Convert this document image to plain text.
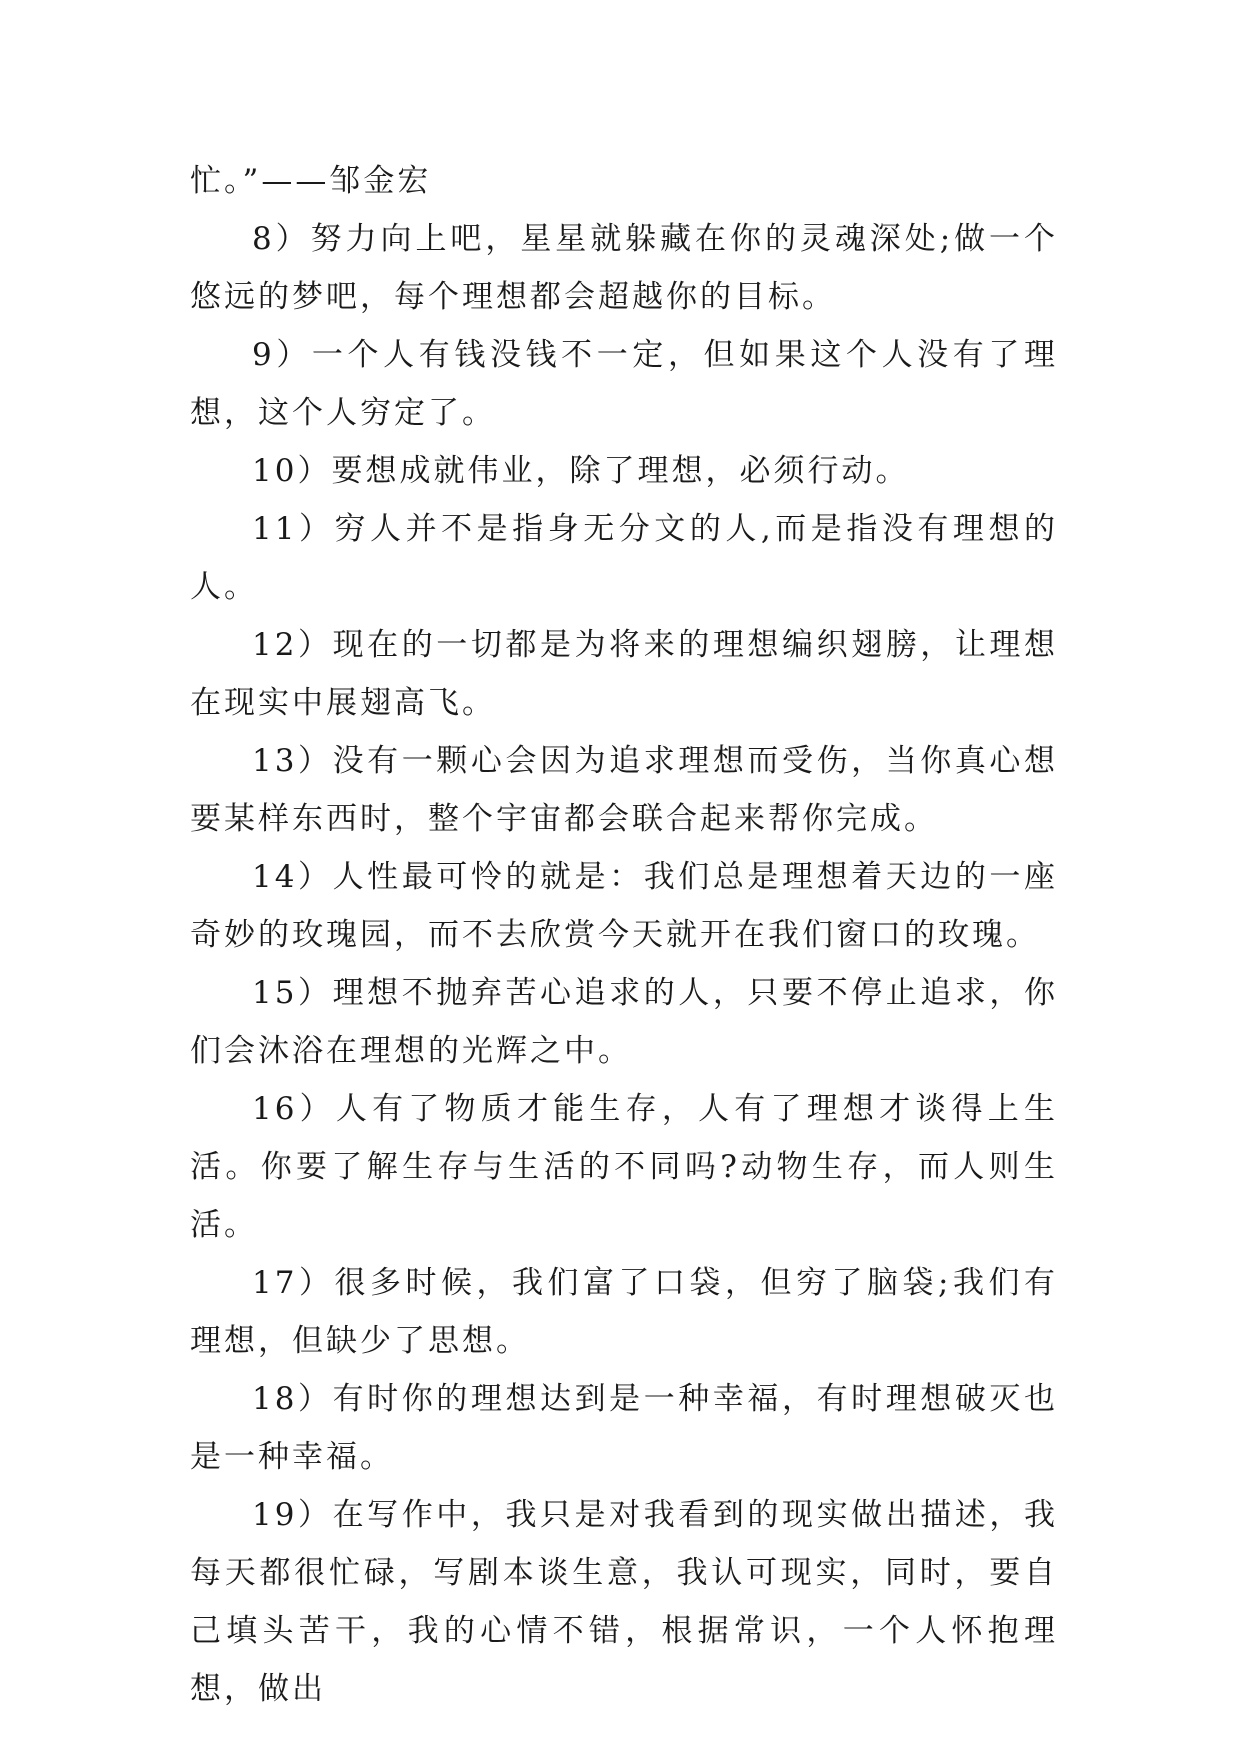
忙。”——邹金宏

8）努力向上吧，星星就躲藏在你的灵魂深处;做一个悠远的梦吧，每个理想都会超越你的目标。

9）一个人有钱没钱不一定，但如果这个人没有了理想，这个人穷定了。

10）要想成就伟业，除了理想，必须行动。

11）穷人并不是指身无分文的人,而是指没有理想的人。

12）现在的一切都是为将来的理想编织翅膀，让理想在现实中展翅高飞。

13）没有一颗心会因为追求理想而受伤，当你真心想要某样东西时，整个宇宙都会联合起来帮你完成。

14）人性最可怜的就是：我们总是理想着天边的一座奇妙的玫瑰园，而不去欣赏今天就开在我们窗口的玫瑰。

15）理想不抛弃苦心追求的人，只要不停止追求，你们会沐浴在理想的光辉之中。

16）人有了物质才能生存，人有了理想才谈得上生活。你要了解生存与生活的不同吗?动物生存，而人则生活。

17）很多时候，我们富了口袋，但穷了脑袋;我们有理想，但缺少了思想。

18）有时你的理想达到是一种幸福，有时理想破灭也是一种幸福。

19）在写作中，我只是对我看到的现实做出描述，我每天都很忙碌，写剧本谈生意，我认可现实，同时，要自己填头苦干，我的心情不错，根据常识，一个人怀抱理想，做出
